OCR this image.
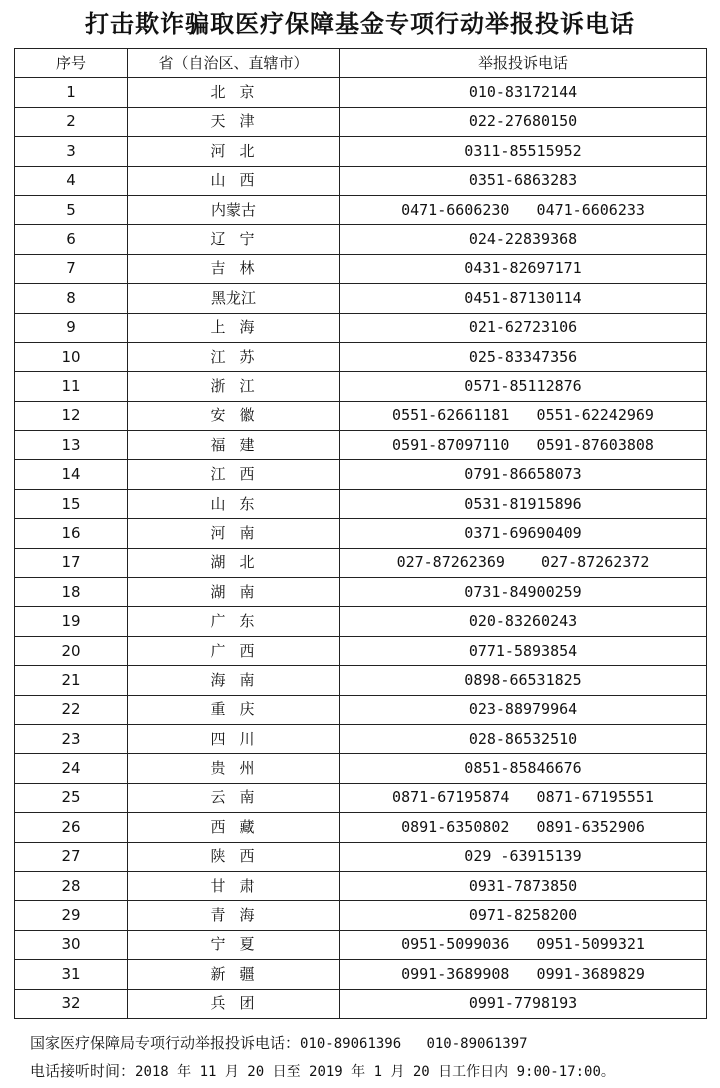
打击欺诈骗取医疗保障基金专项行动举报投诉电话
序号	省（自治区、直辖市）	举报投诉电话
1	北京	010-83172144
2	天津	022-27680150
3	河北	0311-85515952
4	山西	0351-6863283
5	内蒙古	0471-6606230   0471-6606233
6	辽宁	024-22839368
7	吉林	0431-82697171
8	黑龙江	0451-87130114
9	上海	021-62723106
10	江苏	025-83347356
11	浙江	0571-85112876
12	安徽	0551-62661181   0551-62242969
13	福建	0591-87097110   0591-87603808
14	江西	0791-86658073
15	山东	0531-81915896
16	河南	0371-69690409
17	湖北	027-87262369    027-87262372
18	湖南	0731-84900259
19	广东	020-83260243
20	广西	0771-5893854
21	海南	0898-66531825
22	重庆	023-88979964
23	四川	028-86532510
24	贵州	0851-85846676
25	云南	0871-67195874   0871-67195551
26	西藏	0891-6350802   0891-6352906
27	陕西	029 -63915139
28	甘肃	0931-7873850
29	青海	0971-8258200
30	宁夏	0951-5099036   0951-5099321
31	新疆	0991-3689908   0991-3689829
32	兵团	0991-7798193
国家医疗保障局专项行动举报投诉电话：010-89061396   010-89061397
电话接听时间：2018 年 11 月 20 日至 2019 年 1 月 20 日工作日内 9:00-17:00。
